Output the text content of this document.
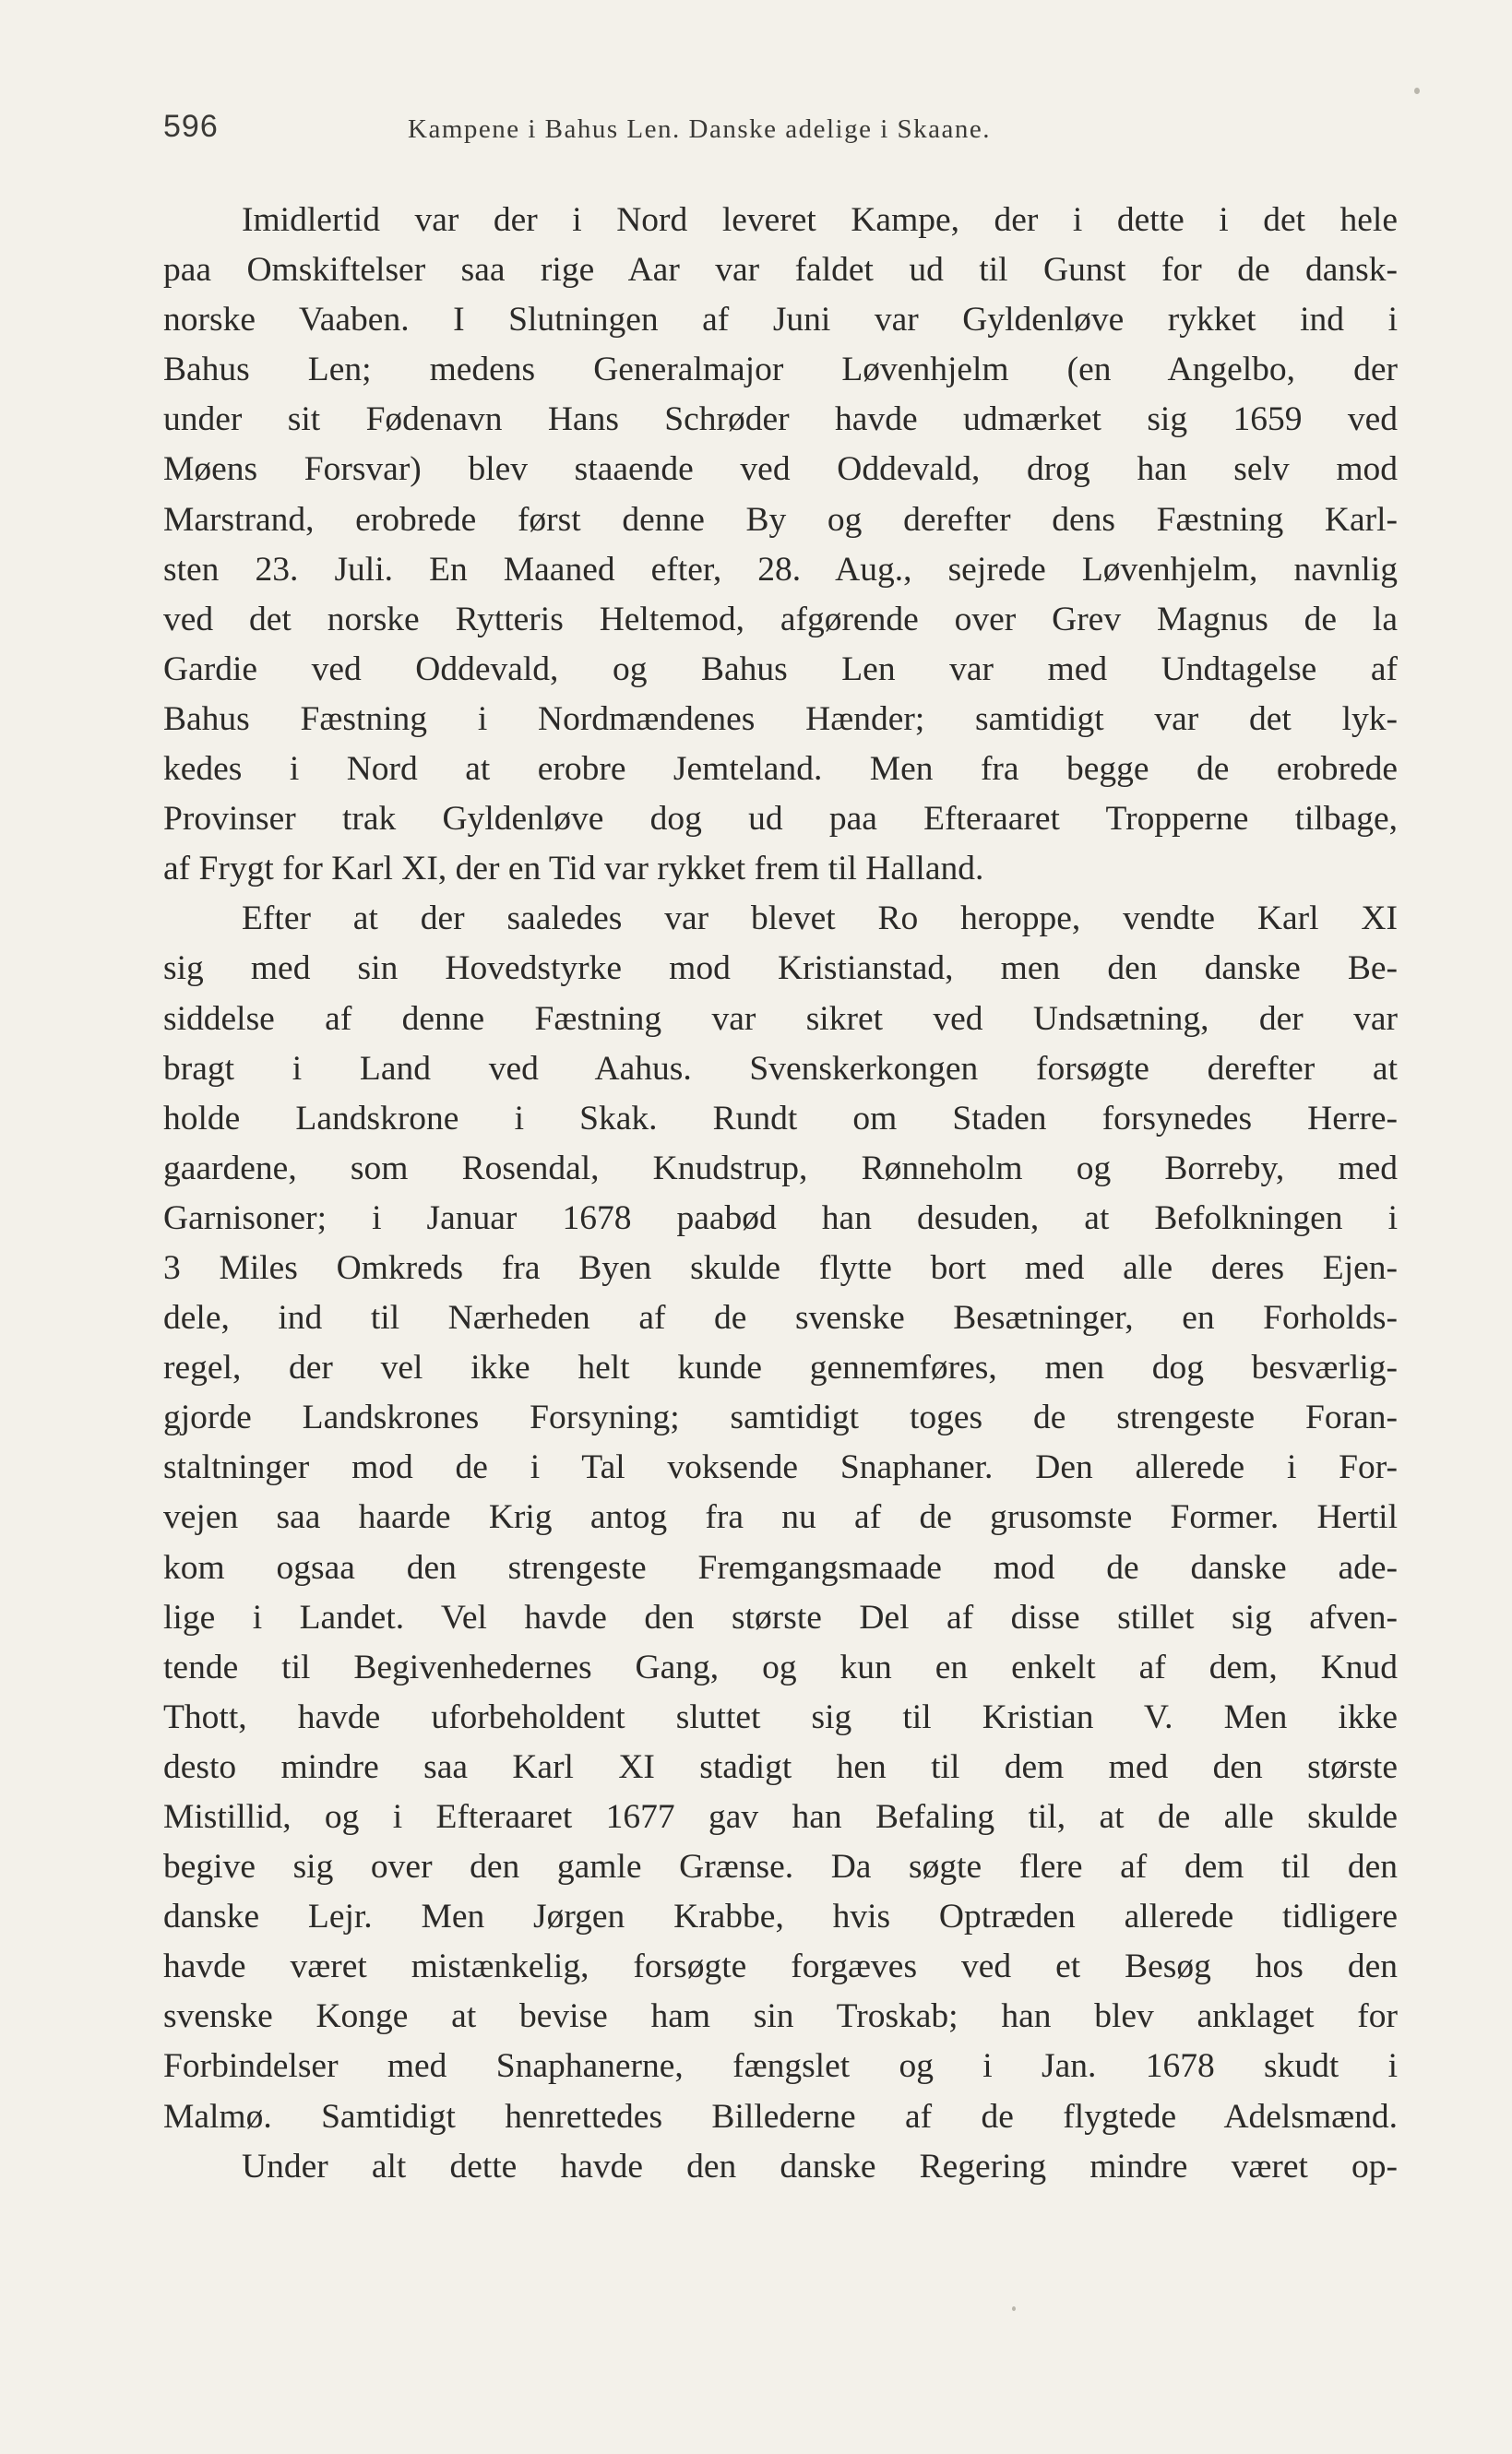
596	Kampene i Bahus Len. Danske adelige i Skaane.
Imidlertid var der i Nord leveret Kampe, der i dette i det hele
paa Omskiftelser saa rige Aar var faldet ud til Gunst for de dansk-
norske Vaaben. I Slutningen af Juni var Gyldenløve rykket ind i
Bahus Len; medens Generalmajor Løvenhjelm (en Angelbo, der
under sit Fødenavn Hans Schrøder havde udmærket sig 1659 ved
Møens Forsvar) blev staaende ved Oddevald, drog han selv mod
Marstrand, erobrede først denne By og derefter dens Fæstning Karl-
sten 23. Juli. En Maaned efter, 28. Aug., sejrede Løvenhjelm, navnlig
ved det norske Rytteris Heltemod, afgørende over Grev Magnus de la
Gardie ved Oddevald, og Bahus Len var med Undtagelse af
Bahus Fæstning i Nordmændenes Hænder; samtidigt var det lyk-
kedes i Nord at erobre Jemteland. Men fra begge de erobrede
Provinser trak Gyldenløve dog ud paa Efteraaret Tropperne tilbage,
af Frygt for Karl XI, der en Tid var rykket frem til Halland.
Efter at der saaledes var blevet Ro heroppe, vendte Karl XI
sig med sin Hovedstyrke mod Kristianstad, men den danske Be-
siddelse af denne Fæstning var sikret ved Undsætning, der var
bragt i Land ved Aahus. Svenskerkongen forsøgte derefter at
holde Landskrone i Skak. Rundt om Staden forsynedes Herre-
gaardene, som Rosendal, Knudstrup, Rønneholm og Borreby, med
Garnisoner; i Januar 1678 paabød han desuden, at Befolkningen i
3 Miles Omkreds fra Byen skulde flytte bort med alle deres Ejen-
dele, ind til Nærheden af de svenske Besætninger, en Forholds-
regel, der vel ikke helt kunde gennemføres, men dog besværlig-
gjorde Landskrones Forsyning; samtidigt toges de strengeste Foran-
staltninger mod de i Tal voksende Snaphaner. Den allerede i For-
vejen saa haarde Krig antog fra nu af de grusomste Former. Hertil
kom ogsaa den strengeste Fremgangsmaade mod de danske ade-
lige i Landet. Vel havde den største Del af disse stillet sig afven-
tende til Begivenhedernes Gang, og kun en enkelt af dem, Knud
Thott, havde uforbeholdent sluttet sig til Kristian V. Men ikke
desto mindre saa Karl XI stadigt hen til dem med den største
Mistillid, og i Efteraaret 1677 gav han Befaling til, at de alle skulde
begive sig over den gamle Grænse. Da søgte flere af dem til den
danske Lejr. Men Jørgen Krabbe, hvis Optræden allerede tidligere
havde været mistænkelig, forsøgte forgæves ved et Besøg hos den
svenske Konge at bevise ham sin Troskab; han blev anklaget for
Forbindelser med Snaphanerne, fængslet og i Jan. 1678 skudt i
Malmø. Samtidigt henrettedes Billederne af de flygtede Adelsmænd.
Under alt dette havde den danske Regering mindre været op-
